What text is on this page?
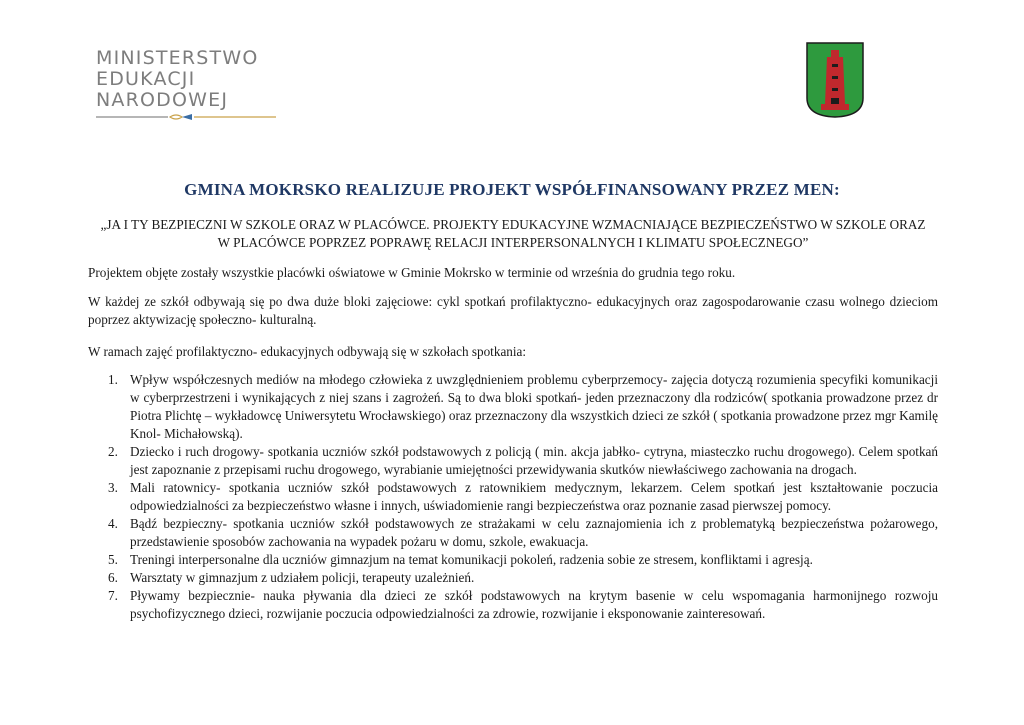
MINISTERSTWO
EDUKACJI
NARODOWEJ
GMINA MOKRSKO REALIZUJE PROJEKT WSPÓŁFINANSOWANY PRZEZ MEN:
„JA I TY BEZPIECZNI W SZKOLE ORAZ W PLACÓWCE. PROJEKTY EDUKACYJNE WZMACNIAJĄCE BEZPIECZEŃSTWO W SZKOLE ORAZ
W PLACÓWCE POPRZEZ POPRAWĘ RELACJI INTERPERSONALNYCH I KLIMATU SPOŁECZNEGO”
Projektem objęte zostały wszystkie placówki oświatowe w Gminie Mokrsko w terminie od września do grudnia tego roku.
W każdej ze szkół odbywają się po dwa duże bloki zajęciowe: cykl spotkań profilaktyczno- edukacyjnych oraz zagospodarowanie czasu wolnego dzieciom poprzez aktywizację społeczno- kulturalną.
W ramach zajęć profilaktyczno- edukacyjnych odbywają się w szkołach spotkania:
1. Wpływ współczesnych mediów na młodego człowieka z uwzględnieniem problemu cyberprzemocy- zajęcia dotyczą rozumienia specyfiki komunikacji w cyberprzestrzeni i wynikających z niej szans i zagrożeń. Są to dwa bloki spotkań- jeden przeznaczony dla rodziców( spotkania prowadzone przez dr Piotra Plichtę – wykładowcę Uniwersytetu Wrocławskiego) oraz przeznaczony dla wszystkich dzieci ze szkół ( spotkania prowadzone przez mgr Kamilę Knol- Michałowską).
2. Dziecko i ruch drogowy- spotkania uczniów szkół podstawowych z policją ( min. akcja jabłko- cytryna, miasteczko ruchu drogowego). Celem spotkań jest zapoznanie z przepisami ruchu drogowego, wyrabianie umiejętności przewidywania skutków niewłaściwego zachowania na drogach.
3. Mali ratownicy- spotkania uczniów szkół podstawowych z ratownikiem medycznym, lekarzem. Celem spotkań jest kształtowanie poczucia odpowiedzialności za bezpieczeństwo własne i innych, uświadomienie rangi bezpieczeństwa oraz poznanie zasad pierwszej pomocy.
4. Bądź bezpieczny- spotkania uczniów szkół podstawowych ze strażakami w celu zaznajomienia ich z problematyką bezpieczeństwa pożarowego, przedstawienie sposobów zachowania na wypadek pożaru w domu, szkole, ewakuacja.
5. Treningi interpersonalne dla uczniów gimnazjum na temat komunikacji pokoleń, radzenia sobie ze stresem, konfliktami i agresją.
6. Warsztaty w gimnazjum z udziałem policji, terapeuty uzależnień.
7. Pływamy bezpiecznie- nauka pływania dla dzieci ze szkół podstawowych na krytym basenie w celu wspomagania harmonijnego rozwoju psychofizycznego dzieci, rozwijanie poczucia odpowiedzialności za zdrowie, rozwijanie i eksponowanie zainteresowań.
